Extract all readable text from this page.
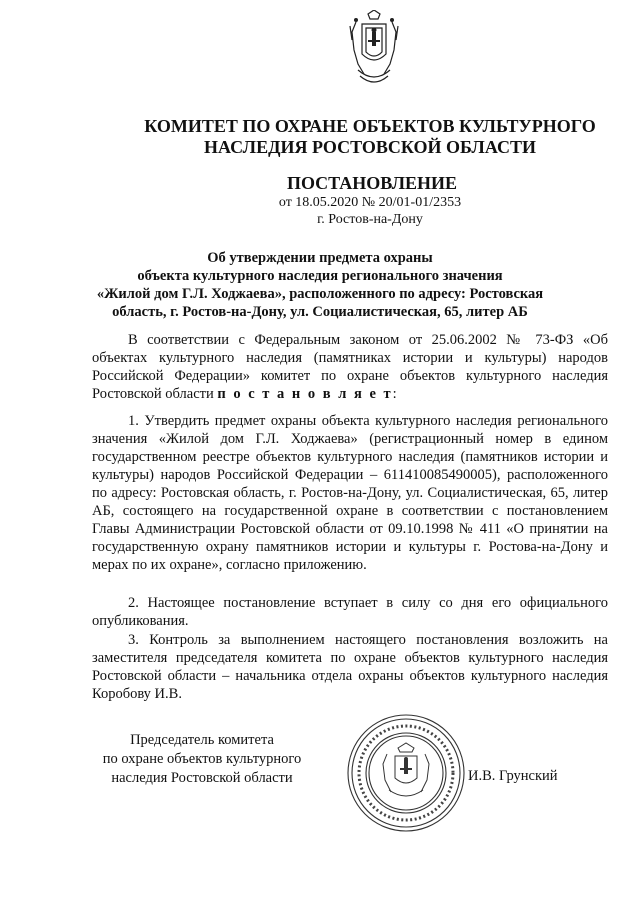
КОМИТЕТ ПО ОХРАНЕ ОБЪЕКТОВ КУЛЬТУРНОГО
НАСЛЕДИЯ РОСТОВСКОЙ ОБЛАСТИ
ПОСТАНОВЛЕНИЕ
от 18.05.2020 № 20/01-01/2353
г. Ростов-на-Дону
Об утверждении предмета охраны
объекта культурного наследия регионального значения
«Жилой дом Г.Л. Ходжаева», расположенного по адресу: Ростовская
область, г. Ростов-на-Дону, ул. Социалистическая, 65, литер АБ
В соответствии с Федеральным законом от 25.06.2002 № 73-ФЗ «Об объектах культурного наследия (памятниках истории и культуры) народов Российской Федерации» комитет по охране объектов культурного наследия Ростовской области п о с т а н о в л я е т:
1. Утвердить предмет охраны объекта культурного наследия регионального значения «Жилой дом Г.Л. Ходжаева» (регистрационный номер в едином государственном реестре объектов культурного наследия (памятников истории и культуры) народов Российской Федерации – 611410085490005), расположенного по адресу: Ростовская область, г. Ростов-на-Дону, ул. Социалистическая, 65, литер АБ, состоящего на государственной охране в соответствии с постановлением Главы Администрации Ростовской области от 09.10.1998 № 411 «О принятии на государственную охрану памятников истории и культуры г. Ростова-на-Дону и мерах по их охране», согласно приложению.
2. Настоящее постановление вступает в силу со дня его официального опубликования.
3. Контроль за выполнением настоящего постановления возложить на заместителя председателя комитета по охране объектов культурного наследия Ростовской области – начальника отдела охраны объектов культурного наследия Коробову И.В.
Председатель комитета
по охране объектов культурного
наследия Ростовской области	И.В. Грунский
